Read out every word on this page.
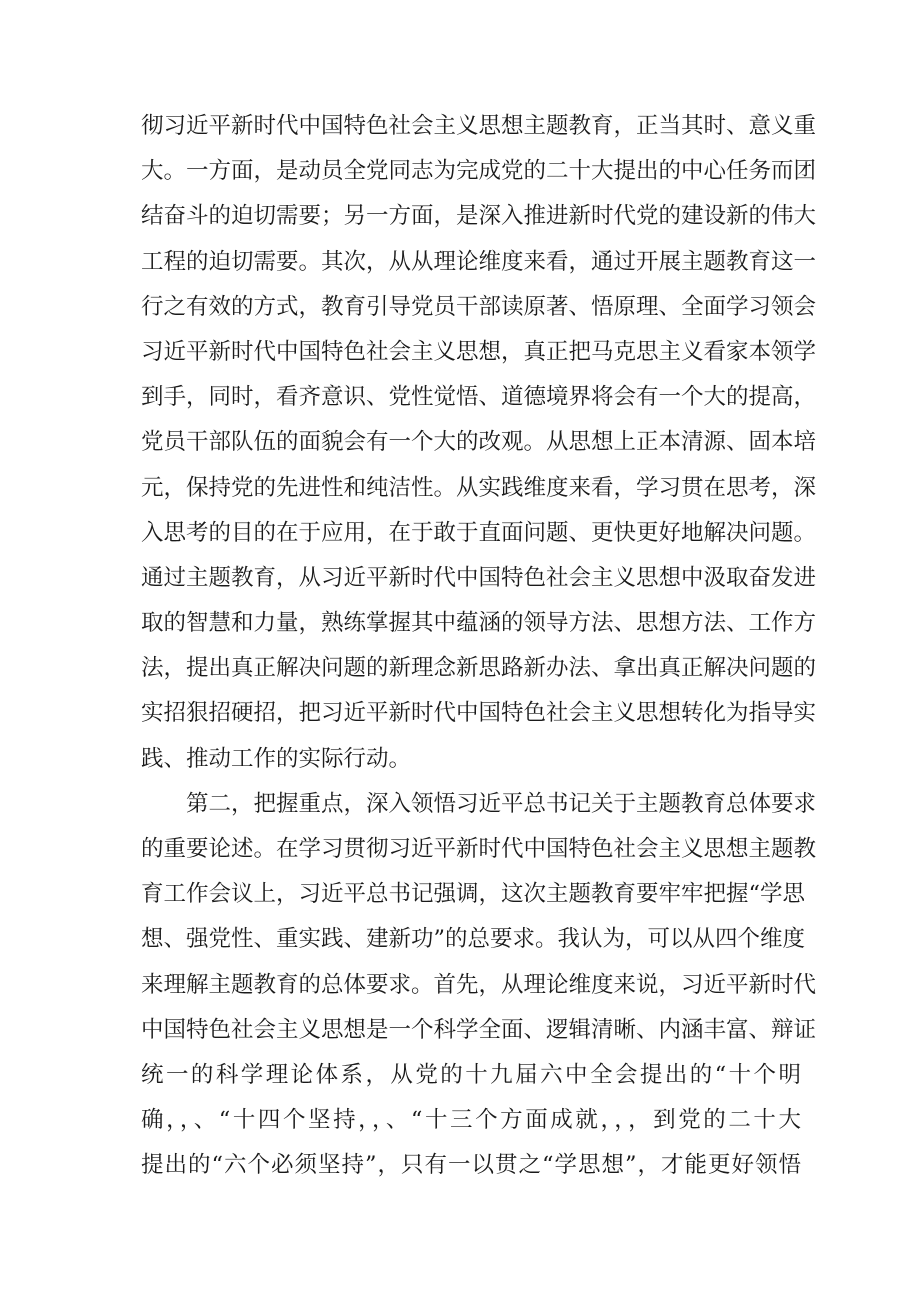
彻习近平新时代中国特色社会主义思想主题教育，正当其时、意义重
大。一方面，是动员全党同志为完成党的二十大提出的中心任务而团
结奋斗的迫切需要；另一方面，是深入推进新时代党的建设新的伟大
工程的迫切需要。其次，从从理论维度来看，通过开展主题教育这一
行之有效的方式，教育引导党员干部读原著、悟原理、全面学习领会
习近平新时代中国特色社会主义思想，真正把马克思主义看家本领学
到手，同时，看齐意识、党性觉悟、道德境界将会有一个大的提高，
党员干部队伍的面貌会有一个大的改观。从思想上正本清源、固本培
元，保持党的先进性和纯洁性。从实践维度来看，学习贯在思考，深
入思考的目的在于应用，在于敢于直面问题、更快更好地解决问题。
通过主题教育，从习近平新时代中国特色社会主义思想中汲取奋发进
取的智慧和力量，熟练掌握其中蕴涵的领导方法、思想方法、工作方
法，提出真正解决问题的新理念新思路新办法、拿出真正解决问题的
实招狠招硬招，把习近平新时代中国特色社会主义思想转化为指导实
践、推动工作的实际行动。
第二，把握重点，深入领悟习近平总书记关于主题教育总体要求
的重要论述。在学习贯彻习近平新时代中国特色社会主义思想主题教
育工作会议上，习近平总书记强调，这次主题教育要牢牢把握“学思
想、强党性、重实践、建新功”的总要求。我认为，可以从四个维度
来理解主题教育的总体要求。首先，从理论维度来说，习近平新时代
中国特色社会主义思想是一个科学全面、逻辑清晰、内涵丰富、辩证
统一的科学理论体系，从党的十九届六中全会提出的“十个明
确，，、“十四个坚持，，、“十三个方面成就，，，到党的二十大
提出的“六个必须坚持”，只有一以贯之“学思想”，才能更好领悟
